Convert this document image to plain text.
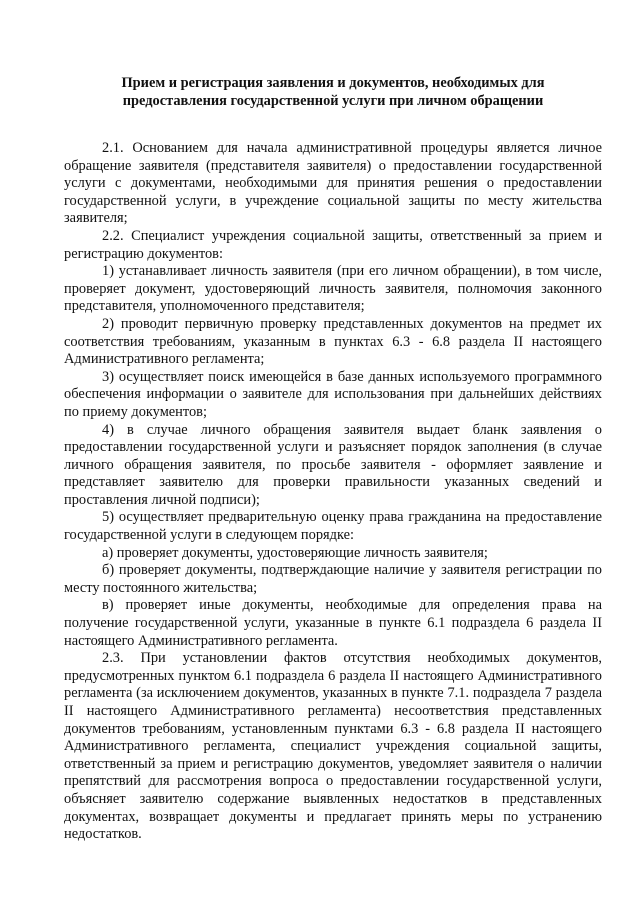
Прием и регистрация заявления и документов, необходимых для
предоставления государственной услуги при личном обращении

2.1. Основанием для начала административной процедуры является личное обращение заявителя (представителя заявителя) о предоставлении государственной услуги с документами, необходимыми для принятия решения о предоставлении государственной услуги, в учреждение социальной защиты по месту жительства заявителя;

2.2. Специалист учреждения социальной защиты, ответственный за прием и регистрацию документов:

1) устанавливает личность заявителя (при его личном обращении), в том числе, проверяет документ, удостоверяющий личность заявителя, полномочия законного представителя, уполномоченного представителя;

2) проводит первичную проверку представленных документов на предмет их соответствия требованиям, указанным в пунктах 6.3 - 6.8 раздела II настоящего Административного регламента;

3) осуществляет поиск имеющейся в базе данных используемого программного обеспечения информации о заявителе для использования при дальнейших действиях по приему документов;

4) в случае личного обращения заявителя выдает бланк заявления о предоставлении государственной услуги и разъясняет порядок заполнения (в случае личного обращения заявителя, по просьбе заявителя - оформляет заявление и представляет заявителю для проверки правильности указанных сведений и проставления личной подписи);

5) осуществляет предварительную оценку права гражданина на предоставление государственной услуги в следующем порядке:

а) проверяет документы, удостоверяющие личность заявителя;

б) проверяет документы, подтверждающие наличие у заявителя регистрации по месту постоянного жительства;

в) проверяет иные документы, необходимые для определения права на получение государственной услуги, указанные в пункте 6.1 подраздела 6 раздела II настоящего Административного регламента.

2.3. При установлении фактов отсутствия необходимых документов, предусмотренных пунктом 6.1 подраздела 6 раздела II настоящего Административного регламента (за исключением документов, указанных в пункте 7.1. подраздела 7 раздела II настоящего Административного регламента) несоответствия представленных документов требованиям, установленным пунктами 6.3 - 6.8 раздела II настоящего Административного регламента, специалист учреждения социальной защиты, ответственный за прием и регистрацию документов, уведомляет заявителя о наличии препятствий для рассмотрения вопроса о предоставлении государственной услуги, объясняет заявителю содержание выявленных недостатков в представленных документах, возвращает документы и предлагает принять меры по устранению недостатков.
